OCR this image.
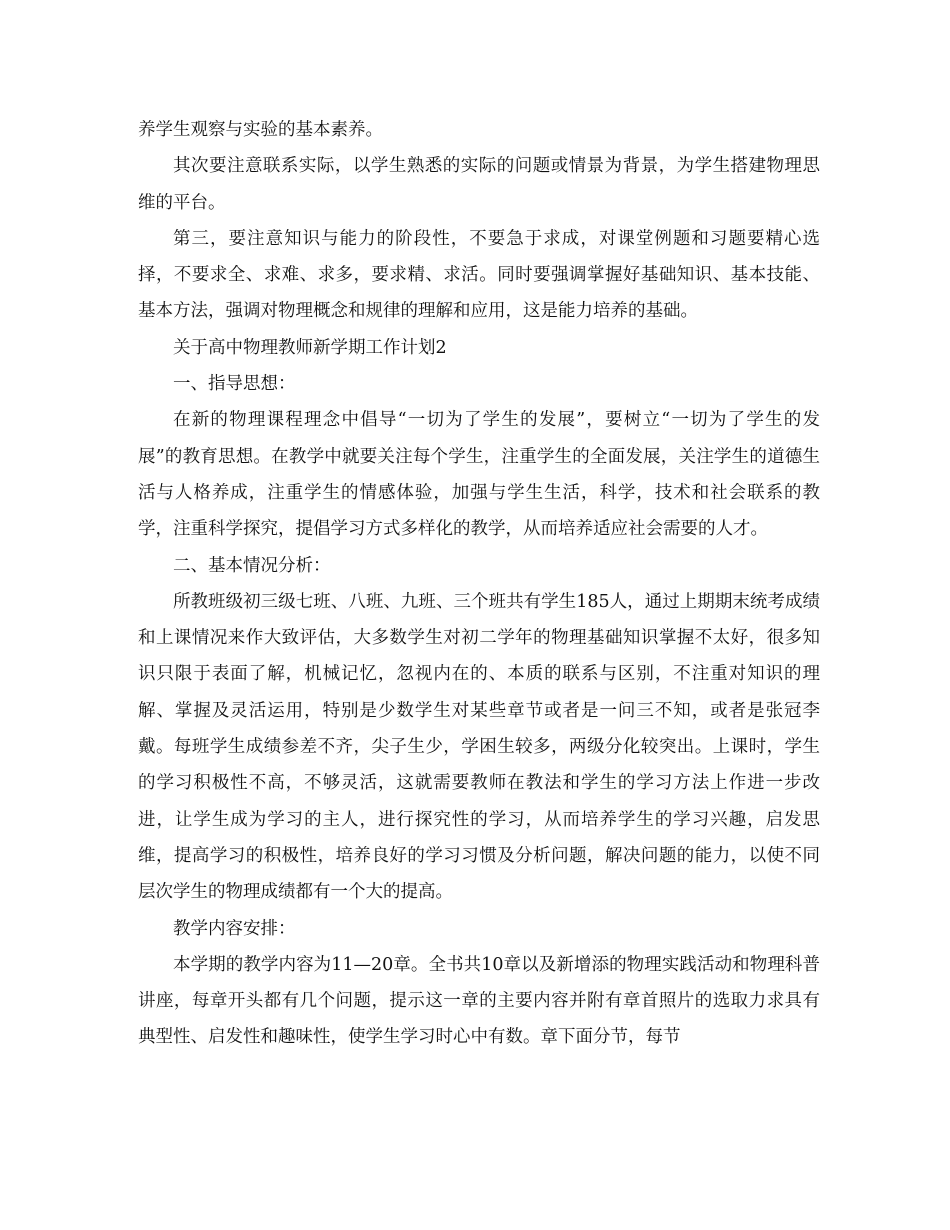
养学生观察与实验的基本素养。

其次要注意联系实际，以学生熟悉的实际的问题或情景为背景，为学生搭建物理思维的平台。

第三，要注意知识与能力的阶段性，不要急于求成，对课堂例题和习题要精心选择，不要求全、求难、求多，要求精、求活。同时要强调掌握好基础知识、基本技能、基本方法，强调对物理概念和规律的理解和应用，这是能力培养的基础。

关于高中物理教师新学期工作计划2

一、指导思想：

在新的物理课程理念中倡导“一切为了学生的发展”，要树立“一切为了学生的发展”的教育思想。在教学中就要关注每个学生，注重学生的全面发展，关注学生的道德生活与人格养成，注重学生的情感体验，加强与学生生活，科学，技术和社会联系的教学，注重科学探究，提倡学习方式多样化的教学，从而培养适应社会需要的人才。

二、基本情况分析：

所教班级初三级七班、八班、九班、三个班共有学生185人，通过上期期末统考成绩和上课情况来作大致评估，大多数学生对初二学年的物理基础知识掌握不太好，很多知识只限于表面了解，机械记忆，忽视内在的、本质的联系与区别，不注重对知识的理解、掌握及灵活运用，特别是少数学生对某些章节或者是一问三不知，或者是张冠李戴。每班学生成绩参差不齐，尖子生少，学困生较多，两级分化较突出。上课时，学生的学习积极性不高，不够灵活，这就需要教师在教法和学生的学习方法上作进一步改进，让学生成为学习的主人，进行探究性的学习，从而培养学生的学习兴趣，启发思维，提高学习的积极性，培养良好的学习习惯及分析问题，解决问题的能力，以使不同层次学生的物理成绩都有一个大的提高。

教学内容安排：

本学期的教学内容为11—20章。全书共10章以及新增添的物理实践活动和物理科普讲座，每章开头都有几个问题，提示这一章的主要内容并附有章首照片的选取力求具有典型性、启发性和趣味性，使学生学习时心中有数。章下面分节，每节
